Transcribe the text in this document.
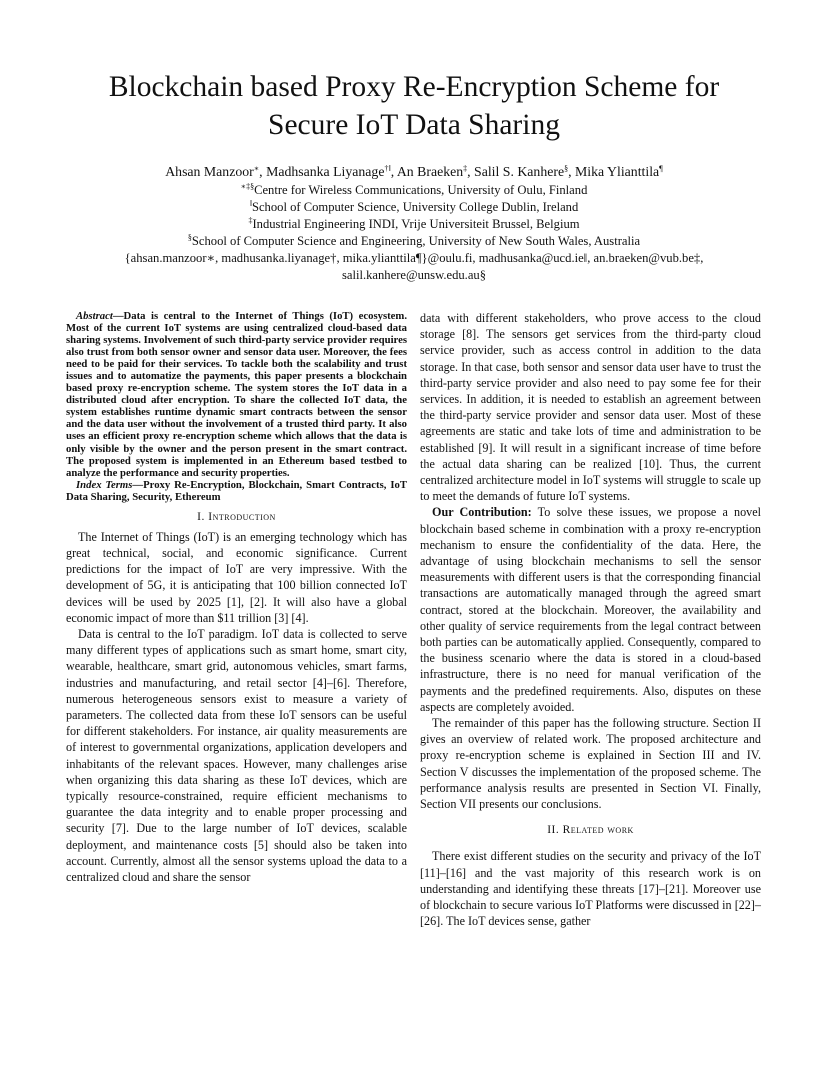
Blockchain based Proxy Re-Encryption Scheme for
Secure IoT Data Sharing
Ahsan Manzoor∗, Madhsanka Liyanage†‖, An Braeken‡, Salil S. Kanhere§, Mika Ylianttila¶
∗‡§Centre for Wireless Communications, University of Oulu, Finland
‖School of Computer Science, University College Dublin, Ireland
‡Industrial Engineering INDI, Vrije Universiteit Brussel, Belgium
§School of Computer Science and Engineering, University of New South Wales, Australia
{ahsan.manzoor∗, madhusanka.liyanage†, mika.ylianttila¶}@oulu.fi, madhusanka@ucd.ie‖, an.braeken@vub.be‡,
salil.kanhere@unsw.edu.au§

Abstract—Data is central to the Internet of Things (IoT) ecosystem. Most of the current IoT systems are using centralized cloud-based data sharing systems. Involvement of such third-party service provider requires also trust from both sensor owner and sensor data user. Moreover, the fees need to be paid for their services. To tackle both the scalability and trust issues and to automatize the payments, this paper presents a blockchain based proxy re-encryption scheme. The system stores the IoT data in a distributed cloud after encryption. To share the collected IoT data, the system establishes runtime dynamic smart contracts between the sensor and the data user without the involvement of a trusted third party. It also uses an efficient proxy re-encryption scheme which allows that the data is only visible by the owner and the person present in the smart contract. The proposed system is implemented in an Ethereum based testbed to analyze the performance and security properties.

Index Terms—Proxy Re-Encryption, Blockchain, Smart Contracts, IoT Data Sharing, Security, Ethereum

I. Introduction

The Internet of Things (IoT) is an emerging technology which has great technical, social, and economic significance. Current predictions for the impact of IoT are very impressive. With the development of 5G, it is anticipating that 100 billion connected IoT devices will be used by 2025 [1], [2]. It will also have a global economic impact of more than $11 trillion [3] [4].

Data is central to the IoT paradigm. IoT data is collected to serve many different types of applications such as smart home, smart city, wearable, healthcare, smart grid, autonomous vehicles, smart farms, industries and manufacturing, and retail sector [4]–[6]. Therefore, numerous heterogeneous sensors exist to measure a variety of parameters. The collected data from these IoT sensors can be useful for different stakeholders. For instance, air quality measurements are of interest to governmental organizations, application developers and inhabitants of the relevant spaces. However, many challenges arise when organizing this data sharing as these IoT devices, which are typically resource-constrained, require efficient mechanisms to guarantee the data integrity and to enable proper processing and security [7]. Due to the large number of IoT devices, scalable deployment, and maintenance costs [5] should also be taken into account. Currently, almost all the sensor systems upload the data to a centralized cloud and share the sensor

data with different stakeholders, who prove access to the cloud storage [8]. The sensors get services from the third-party cloud service provider, such as access control in addition to the data storage. In that case, both sensor and sensor data user have to trust the third-party service provider and also need to pay some fee for their services. In addition, it is needed to establish an agreement between the third-party service provider and sensor data user. Most of these agreements are static and take lots of time and administration to be established [9]. It will result in a significant increase of time before the actual data sharing can be realized [10]. Thus, the current centralized architecture model in IoT systems will struggle to scale up to meet the demands of future IoT systems.

Our Contribution: To solve these issues, we propose a novel blockchain based scheme in combination with a proxy re-encryption mechanism to ensure the confidentiality of the data. Here, the advantage of using blockchain mechanisms to sell the sensor measurements with different users is that the corresponding financial transactions are automatically managed through the agreed smart contract, stored at the blockchain. Moreover, the availability and other quality of service requirements from the legal contract between both parties can be automatically applied. Consequently, compared to the business scenario where the data is stored in a cloud-based infrastructure, there is no need for manual verification of the payments and the predefined requirements. Also, disputes on these aspects are completely avoided.

The remainder of this paper has the following structure. Section II gives an overview of related work. The proposed architecture and proxy re-encryption scheme is explained in Section III and IV. Section V discusses the implementation of the proposed scheme. The performance analysis results are presented in Section VI. Finally, Section VII presents our conclusions.

II. Related work

There exist different studies on the security and privacy of the IoT [11]–[16] and the vast majority of this research work is on understanding and identifying these threats [17]–[21]. Moreover use of blockchain to secure various IoT Platforms were discussed in [22]–[26]. The IoT devices sense, gather
